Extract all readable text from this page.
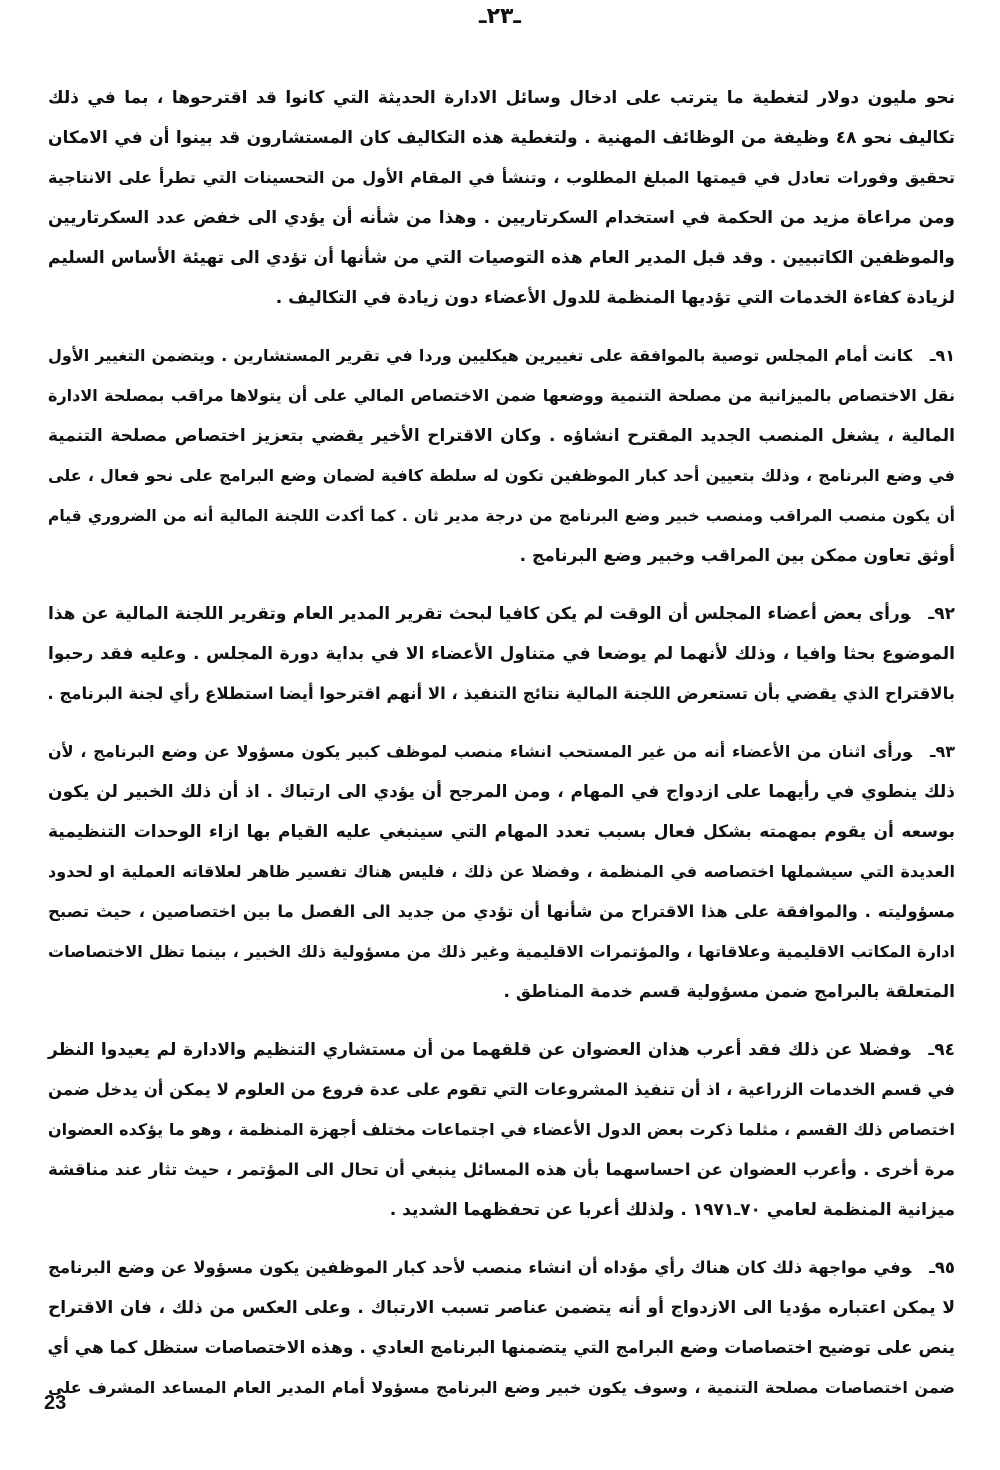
ـ٢٣ـ
نحو مليون دولار لتغطية ما يترتب على ادخال وسائل الادارة الحديثة التي كانوا قد اقترحوها ، بما في ذلك
تكاليف نحو ٤٨ وظيفة من الوظائف المهنية . ولتغطية هذه التكاليف كان المستشارون قد بينوا أن في الامكان
تحقيق وفورات تعادل في قيمتها المبلغ المطلوب ، وتنشأ في المقام الأول من التحسينات التي تطرأ على الانتاجية
ومن مراعاة مزيد من الحكمة في استخدام السكرتاريين . وهذا من شأنه أن يؤدي الى خفض عدد السكرتاريين
والموظفين الكاتبيين . وقد قبل المدير العام هذه التوصيات التي من شأنها أن تؤدي الى تهيئة الأساس السليم
لزيادة كفاءة الخدمات التي تؤديها المنظمة للدول الأعضاء دون زيادة في التكاليف .
٩١ـكانت أمام المجلس توصية بالموافقة على تغييرين هيكليين وردا في تقرير المستشارين . ويتضمن التغيير الأول
نقل الاختصاص بالميزانية من مصلحة التنمية ووضعها ضمن الاختصاص المالي على أن يتولاها مراقب بمصلحة الادارة
المالية ، يشغل المنصب الجديد المقترح انشاؤه . وكان الاقتراح الأخير يقضي بتعزيز اختصاص مصلحة التنمية
في وضع البرنامج ، وذلك بتعيين أحد كبار الموظفين تكون له سلطة كافية لضمان وضع البرامج على نحو فعال ، على
أن يكون منصب المراقب ومنصب خبير وضع البرنامج من درجة مدير ثان . كما أكدت اللجنة المالية أنه من الضروري قيام
أوثق تعاون ممكن بين المراقب وخبير وضع البرنامج .
٩٢ـورأى بعض أعضاء المجلس أن الوقت لم يكن كافيا لبحث تقرير المدير العام وتقرير اللجنة المالية عن هذا
الموضوع بحثا وافيا ، وذلك لأنهما لم يوضعا في متناول الأعضاء الا في بداية دورة المجلس . وعليه فقد رحبوا
بالاقتراح الذي يقضي بأن تستعرض اللجنة المالية نتائج التنفيذ ، الا أنهم اقترحوا أيضا استطلاع رأي لجنة البرنامج .
٩٣ـورأى اثنان من الأعضاء أنه من غير المستحب انشاء منصب لموظف كبير يكون مسؤولا عن وضع البرنامج ، لأن
ذلك ينطوي في رأيهما على ازدواج في المهام ، ومن المرجح أن يؤدي الى ارتباك . اذ أن ذلك الخبير لن يكون
بوسعه أن يقوم بمهمته بشكل فعال بسبب تعدد المهام التي سينبغي عليه القيام بها ازاء الوحدات التنظيمية
العديدة التي سيشملها اختصاصه في المنظمة ، وفضلا عن ذلك ، فليس هناك تفسير ظاهر لعلاقاته العملية او لحدود
مسؤوليته . والموافقة على هذا الاقتراح من شأنها أن تؤدي من جديد الى الفصل ما بين اختصاصين ، حيث تصبح
ادارة المكاتب الاقليمية وعلاقاتها ، والمؤتمرات الاقليمية وغير ذلك من مسؤولية ذلك الخبير ، بينما تظل الاختصاصات
المتعلقة بالبرامج ضمن مسؤولية قسم خدمة المناطق .
٩٤ـوفضلا عن ذلك فقد أعرب هذان العضوان عن قلقهما من أن مستشاري التنظيم والادارة لم يعيدوا النظر
في قسم الخدمات الزراعية ، اذ أن تنفيذ المشروعات التي تقوم على عدة فروع من العلوم لا يمكن أن يدخل ضمن
اختصاص ذلك القسم ، مثلما ذكرت بعض الدول الأعضاء في اجتماعات مختلف أجهزة المنظمة ، وهو ما يؤكده العضوان
مرة أخرى . وأعرب العضوان عن احساسهما بأن هذه المسائل ينبغي أن تحال الى المؤتمر ، حيث تثار عند مناقشة
ميزانية المنظمة لعامي ٧٠ـ١٩٧١ . ولذلك أعربا عن تحفظهما الشديد .
٩٥ـوفي مواجهة ذلك كان هناك رأي مؤداه أن انشاء منصب لأحد كبار الموظفين يكون مسؤولا عن وضع البرنامج
لا يمكن اعتباره مؤديا الى الازدواج أو أنه يتضمن عناصر تسبب الارتباك . وعلى العكس من ذلك ، فان الاقتراح
ينص على توضيح اختصاصات وضع البرامج التي يتضمنها البرنامج العادي . وهذه الاختصاصات ستظل كما هي أي
ضمن اختصاصات مصلحة التنمية ، وسوف يكون خبير وضع البرنامج مسؤولا أمام المدير العام المساعد المشرف على
23
